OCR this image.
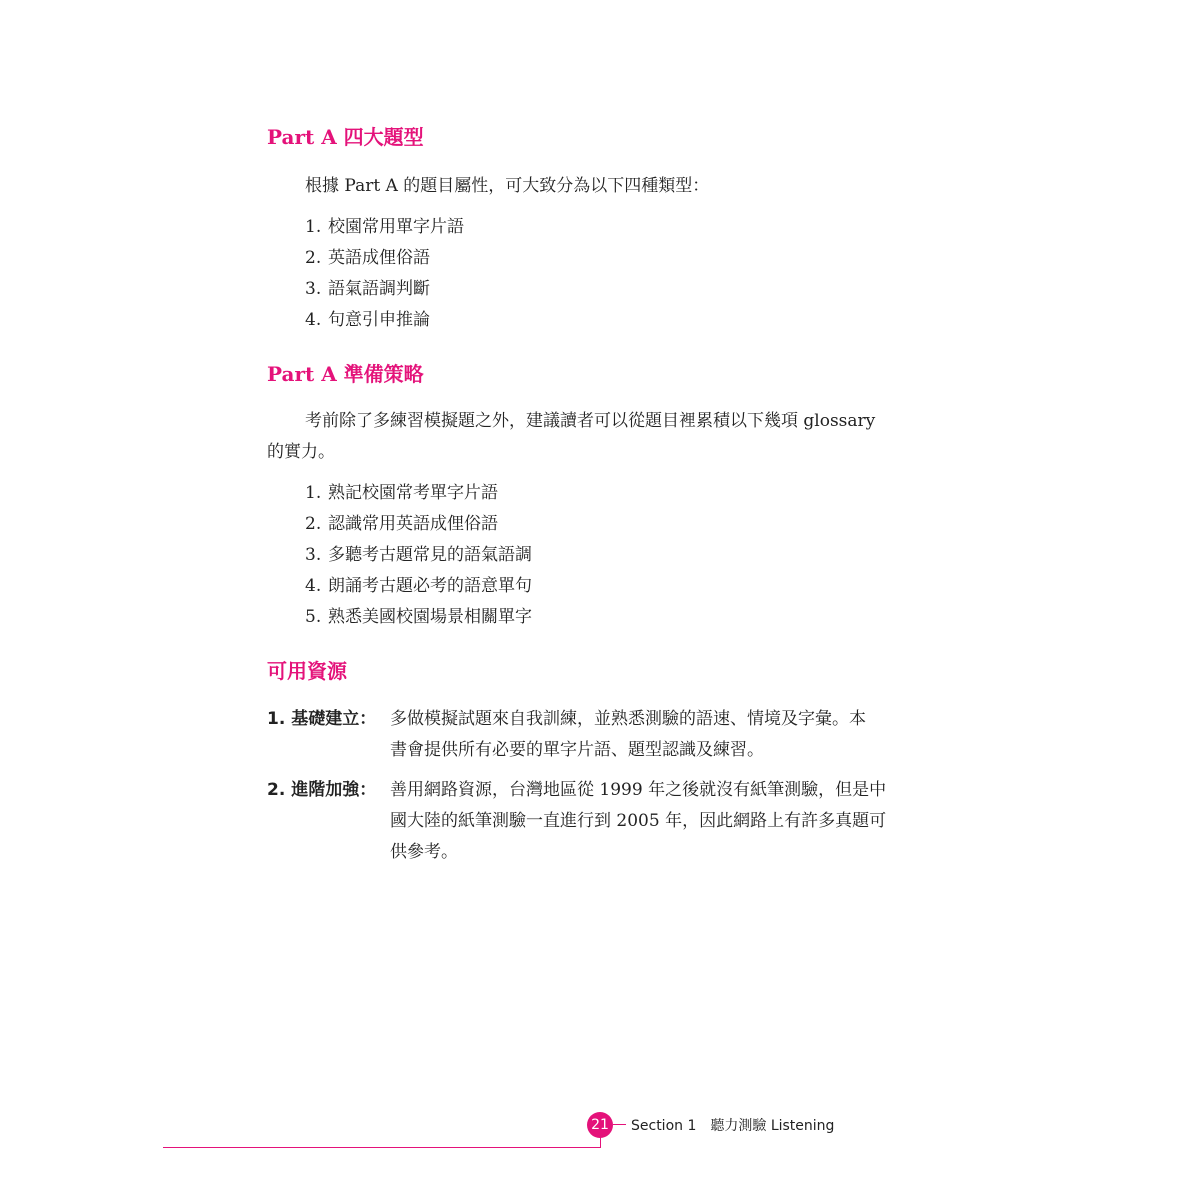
Part A 四大題型

根據 Part A 的題目屬性，可大致分為以下四種類型：

1. 校園常用單字片語
2. 英語成俚俗語
3. 語氣語調判斷
4. 句意引申推論
Part A 準備策略

考前除了多練習模擬題之外，建議讀者可以從題目裡累積以下幾項 glossary

的實力。

1. 熟記校園常考單字片語
2. 認識常用英語成俚俗語
3. 多聽考古題常見的語氣語調
4. 朗誦考古題必考的語意單句
5. 熟悉美國校園場景相關單字
可用資源
1. 基礎建立： 多做模擬試題來自我訓練，並熟悉測驗的語速、情境及字彙。本
書會提供所有必要的單字片語、題型認識及練習。
2. 進階加強： 善用網路資源，台灣地區從 1999 年之後就沒有紙筆測驗，但是中
國大陸的紙筆測驗一直進行到 2005 年，因此網路上有許多真題可
供參考。
21 Section 1 聽力測驗 Listening
